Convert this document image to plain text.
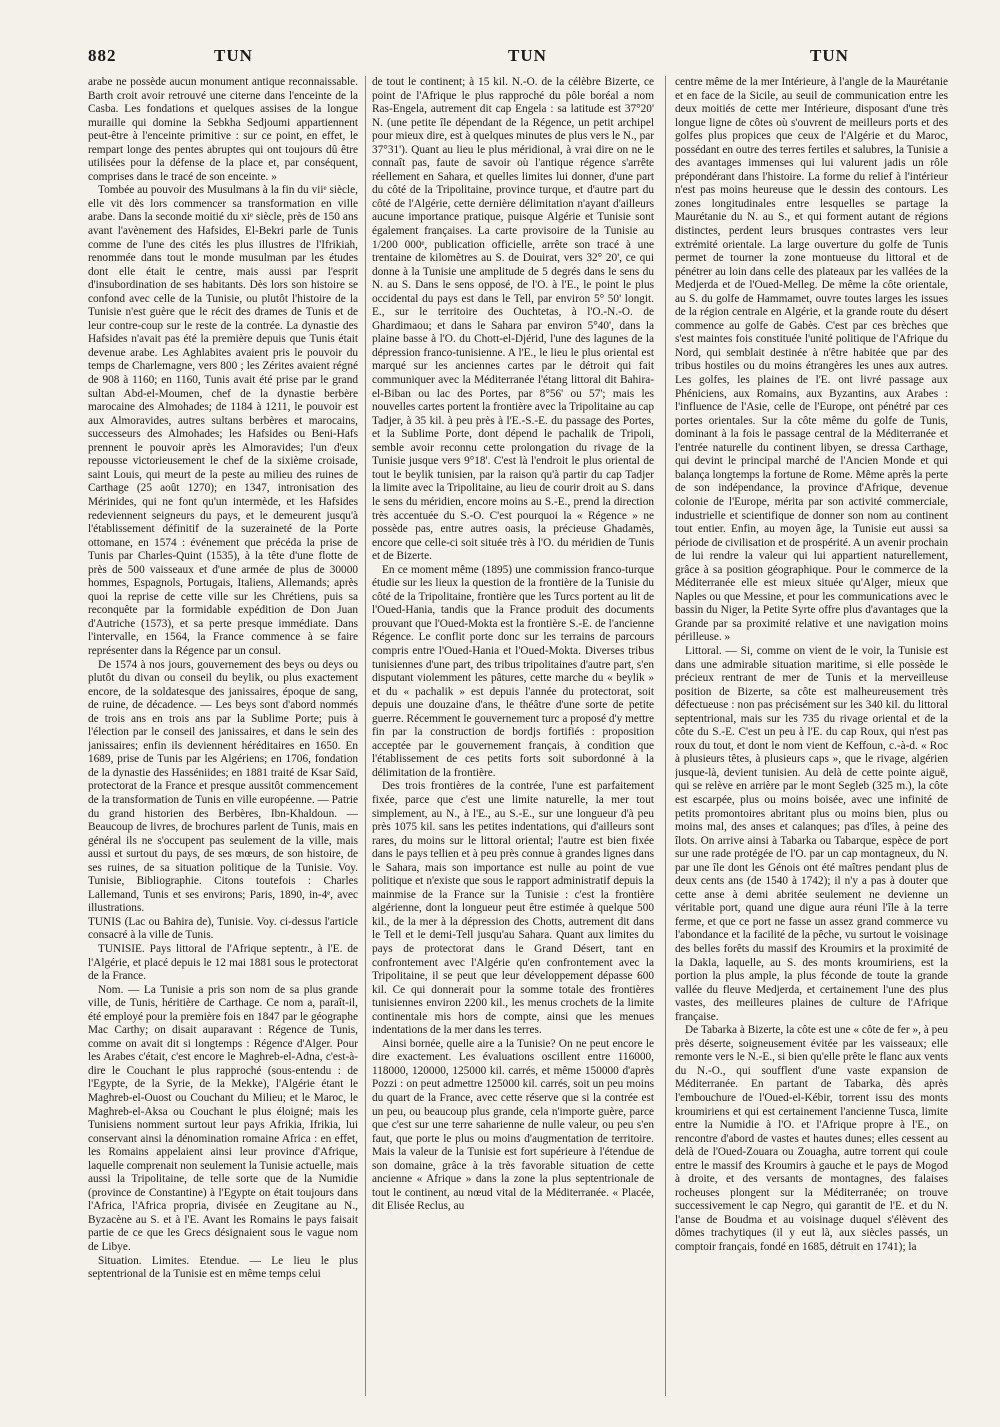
882	TUN	TUN	TUN

arabe ne possède aucun monument antique reconnaissable. Barth croit avoir retrouvé une citerne dans l'enceinte de la Casba. Les fondations et quelques assises de la longue muraille qui domine la Sebkha Sedjoumi appartiennent peut-être à l'enceinte primitive : sur ce point, en effet, le rempart longe des pentes abruptes qui ont toujours dû être utilisées pour la défense de la place et, par conséquent, comprises dans le tracé de son enceinte. »

Tombée au pouvoir des Musulmans à la fin du viiᵉ siècle, elle vit dès lors commencer sa transformation en ville arabe. Dans la seconde moitié du xiᵉ siècle, près de 150 ans avant l'avènement des Hafsides, El-Bekri parle de Tunis comme de l'une des cités les plus illustres de l'Ifrikiah, renommée dans tout le monde musulman par les études dont elle était le centre, mais aussi par l'esprit d'insubordination de ses habitants. Dès lors son histoire se confond avec celle de la Tunisie, ou plutôt l'histoire de la Tunisie n'est guère que le récit des drames de Tunis et de leur contre-coup sur le reste de la contrée. La dynastie des Hafsides n'avait pas été la première depuis que Tunis était devenue arabe. Les Aghlabites avaient pris le pouvoir du temps de Charlemagne, vers 800 ; les Zérites avaient régné de 908 à 1160; en 1160, Tunis avait été prise par le grand sultan Abd-el-Moumen, chef de la dynastie berbère marocaine des Almohades; de 1184 à 1211, le pouvoir est aux Almoravides, autres sultans berbères et marocains, successeurs des Almohades; les Hafsides ou Beni-Hafs prennent le pouvoir après les Almoravides; l'un d'eux repousse victorieusement le chef de la sixième croisade, saint Louis, qui meurt de la peste au milieu des ruines de Carthage (25 août 1270); en 1347, intronisation des Mérinides, qui ne font qu'un intermède, et les Hafsides redeviennent seigneurs du pays, et le demeurent jusqu'à l'établissement définitif de la suzeraineté de la Porte ottomane, en 1574 : événement que précéda la prise de Tunis par Charles-Quint (1535), à la tête d'une flotte de près de 500 vaisseaux et d'une armée de plus de 30000 hommes, Espagnols, Portugais, Italiens, Allemands; après quoi la reprise de cette ville sur les Chrétiens, puis sa reconquête par la formidable expédition de Don Juan d'Autriche (1573), et sa perte presque immédiate. Dans l'intervalle, en 1564, la France commence à se faire représenter dans la Régence par un consul.

De 1574 à nos jours, gouvernement des beys ou deys ou plutôt du divan ou conseil du beylik, ou plus exactement encore, de la soldatesque des janissaires, époque de sang, de ruine, de décadence. — Les beys sont d'abord nommés de trois ans en trois ans par la Sublime Porte; puis à l'élection par le conseil des janissaires, et dans le sein des janissaires; enfin ils deviennent héréditaires en 1650. En 1689, prise de Tunis par les Algériens; en 1706, fondation de la dynastie des Hasséniides; en 1881 traité de Ksar Saïd, protectorat de la France et presque aussitôt commencement de la transformation de Tunis en ville européenne. — Patrie du grand historien des Berbères, Ibn-Khaldoun. — Beaucoup de livres, de brochures parlent de Tunis, mais en général ils ne s'occupent pas seulement de la ville, mais aussi et surtout du pays, de ses mœurs, de son histoire, de ses ruines, de sa situation politique de la Tunisie. Voy. Tunisie, Bibliographie. Citons toutefois : Charles Lallemand, Tunis et ses environs; Paris, 1890, in-4ᵉ, avec illustrations.

TUNIS (Lac ou Bahira de), Tunisie. Voy. ci-dessus l'article consacré à la ville de Tunis.

TUNISIE. Pays littoral de l'Afrique septentr., à l'E. de l'Algérie, et placé depuis le 12 mai 1881 sous le protectorat de la France.

Nom. — La Tunisie a pris son nom de sa plus grande ville, de Tunis, héritière de Carthage. Ce nom a, paraît-il, été employé pour la première fois en 1847 par le géographe Mac Carthy; on disait auparavant : Régence de Tunis, comme on avait dit si longtemps : Régence d'Alger. Pour les Arabes c'était, c'est encore le Maghreb-el-Adna, c'est-à-dire le Couchant le plus rapproché (sous-entendu : de l'Egypte, de la Syrie, de la Mekke), l'Algérie étant le Maghreb-el-Ouost ou Couchant du Milieu; et le Maroc, le Maghreb-el-Aksa ou Couchant le plus éloigné; mais les Tunisiens nomment surtout leur pays Afrikia, Ifrikia, lui conservant ainsi la dénomination romaine Africa : en effet, les Romains appelaient ainsi leur province d'Afrique, laquelle comprenait non seulement la Tunisie actuelle, mais aussi la Tripolitaine, de telle sorte que de la Numidie (province de Constantine) à l'Egypte on était toujours dans l'Africa, l'Africa propria, divisée en Zeugitane au N., Byzacène au S. et à l'E. Avant les Romains le pays faisait partie de ce que les Grecs désignaient sous le vague nom de Libye.

Situation. Limites. Etendue. — Le lieu le plus septentrional de la Tunisie est en même temps celui

de tout le continent; à 15 kil. N.-O. de la célèbre Bizerte, ce point de l'Afrique le plus rapproché du pôle boréal a nom Ras-Engela, autrement dit cap Engela : sa latitude est 37°20' N. (une petite île dépendant de la Régence, un petit archipel pour mieux dire, est à quelques minutes de plus vers le N., par 37°31'). Quant au lieu le plus méridional, à vrai dire on ne le connaît pas, faute de savoir où l'antique régence s'arrête réellement en Sahara, et quelles limites lui donner, d'une part du côté de la Tripolitaine, province turque, et d'autre part du côté de l'Algérie, cette dernière délimitation n'ayant d'ailleurs aucune importance pratique, puisque Algérie et Tunisie sont également françaises. La carte provisoire de la Tunisie au 1/200 000ᵉ, publication officielle, arrête son tracé à une trentaine de kilomètres au S. de Douirat, vers 32° 20', ce qui donne à la Tunisie une amplitude de 5 degrés dans le sens du N. au S. Dans le sens opposé, de l'O. à l'E., le point le plus occidental du pays est dans le Tell, par environ 5° 50' longit. E., sur le territoire des Ouchtetas, à l'O.-N.-O. de Ghardimaou; et dans le Sahara par environ 5°40', dans la plaine basse à l'O. du Chott-el-Djérid, l'une des lagunes de la dépression franco-tunisienne. A l'E., le lieu le plus oriental est marqué sur les anciennes cartes par le détroit qui fait communiquer avec la Méditerranée l'étang littoral dit Bahira-el-Biban ou lac des Portes, par 8°56' ou 57'; mais les nouvelles cartes portent la frontière avec la Tripolitaine au cap Tadjer, à 35 kil. à peu près à l'E.-S.-E. du passage des Portes, et la Sublime Porte, dont dépend le pachalik de Tripoli, semble avoir reconnu cette prolongation du rivage de la Tunisie jusque vers 9°18'. C'est là l'endroit le plus oriental de tout le beylik tunisien, par la raison qu'à partir du cap Tadjer la limite avec la Tripolitaine, au lieu de courir droit au S. dans le sens du méridien, encore moins au S.-E., prend la direction très accentuée du S.-O. C'est pourquoi la « Régence » ne possède pas, entre autres oasis, la précieuse Ghadamès, encore que celle-ci soit située très à l'O. du méridien de Tunis et de Bizerte.

En ce moment même (1895) une commission franco-turque étudie sur les lieux la question de la frontière de la Tunisie du côté de la Tripolitaine, frontière que les Turcs portent au lit de l'Oued-Hania, tandis que la France produit des documents prouvant que l'Oued-Mokta est la frontière S.-E. de l'ancienne Régence. Le conflit porte donc sur les terrains de parcours compris entre l'Oued-Hania et l'Oued-Mokta. Diverses tribus tunisiennes d'une part, des tribus tripolitaines d'autre part, s'en disputant violemment les pâtures, cette marche du « beylik » et du « pachalik » est depuis l'année du protectorat, soit depuis une douzaine d'ans, le théâtre d'une sorte de petite guerre. Récemment le gouvernement turc a proposé d'y mettre fin par la construction de bordjs fortifiés : proposition acceptée par le gouvernement français, à condition que l'établissement de ces petits forts soit subordonné à la délimitation de la frontière.

Des trois frontières de la contrée, l'une est parfaitement fixée, parce que c'est une limite naturelle, la mer tout simplement, au N., à l'E., au S.-E., sur une longueur d'à peu près 1075 kil. sans les petites indentations, qui d'ailleurs sont rares, du moins sur le littoral oriental; l'autre est bien fixée dans le pays tellien et à peu près connue à grandes lignes dans le Sahara, mais son importance est nulle au point de vue politique et n'existe que sous le rapport administratif depuis la mainmise de la France sur la Tunisie : c'est la frontière algérienne, dont la longueur peut être estimée à quelque 500 kil., de la mer à la dépression des Chotts, autrement dit dans le Tell et le demi-Tell jusqu'au Sahara. Quant aux limites du pays de protectorat dans le Grand Désert, tant en confrontement avec l'Algérie qu'en confrontement avec la Tripolitaine, il se peut que leur développement dépasse 600 kil. Ce qui donnerait pour la somme totale des frontières tunisiennes environ 2200 kil., les menus crochets de la limite continentale mis hors de compte, ainsi que les menues indentations de la mer dans les terres.

Ainsi bornée, quelle aire a la Tunisie? On ne peut encore le dire exactement. Les évaluations oscillent entre 116000, 118000, 120000, 125000 kil. carrés, et même 150000 d'après Pozzi : on peut admettre 125000 kil. carrés, soit un peu moins du quart de la France, avec cette réserve que si la contrée est un peu, ou beaucoup plus grande, cela n'importe guère, parce que c'est sur une terre saharienne de nulle valeur, ou peu s'en faut, que porte le plus ou moins d'augmentation de territoire. Mais la valeur de la Tunisie est fort supérieure à l'étendue de son domaine, grâce à la très favorable situation de cette ancienne « Afrique » dans la zone la plus septentrionale de tout le continent, au nœud vital de la Méditerranée. « Placée, dit Elisée Reclus, au

centre même de la mer Intérieure, à l'angle de la Maurétanie et en face de la Sicile, au seuil de communication entre les deux moitiés de cette mer Intérieure, disposant d'une très longue ligne de côtes où s'ouvrent de meilleurs ports et des golfes plus propices que ceux de l'Algérie et du Maroc, possédant en outre des terres fertiles et salubres, la Tunisie a des avantages immenses qui lui valurent jadis un rôle prépondérant dans l'histoire. La forme du relief à l'intérieur n'est pas moins heureuse que le dessin des contours. Les zones longitudinales entre lesquelles se partage la Maurétanie du N. au S., et qui forment autant de régions distinctes, perdent leurs brusques contrastes vers leur extrémité orientale. La large ouverture du golfe de Tunis permet de tourner la zone montueuse du littoral et de pénétrer au loin dans celle des plateaux par les vallées de la Medjerda et de l'Oued-Melleg. De même la côte orientale, au S. du golfe de Hammamet, ouvre toutes larges les issues de la région centrale en Algérie, et la grande route du désert commence au golfe de Gabès. C'est par ces brèches que s'est maintes fois constituée l'unité politique de l'Afrique du Nord, qui semblait destinée à n'être habitée que par des tribus hostiles ou du moins étrangères les unes aux autres. Les golfes, les plaines de l'E. ont livré passage aux Phéniciens, aux Romains, aux Byzantins, aux Arabes : l'influence de l'Asie, celle de l'Europe, ont pénétré par ces portes orientales. Sur la côte même du golfe de Tunis, dominant à la fois le passage central de la Méditerranée et l'entrée naturelle du continent libyen, se dressa Carthage, qui devint le principal marché de l'Ancien Monde et qui balança longtemps la fortune de Rome. Même après la perte de son indépendance, la province d'Afrique, devenue colonie de l'Europe, mérita par son activité commerciale, industrielle et scientifique de donner son nom au continent tout entier. Enfin, au moyen âge, la Tunisie eut aussi sa période de civilisation et de prospérité. A un avenir prochain de lui rendre la valeur qui lui appartient naturellement, grâce à sa position géographique. Pour le commerce de la Méditerranée elle est mieux située qu'Alger, mieux que Naples ou que Messine, et pour les communications avec le bassin du Niger, la Petite Syrte offre plus d'avantages que la Grande par sa proximité relative et une navigation moins périlleuse. »

Littoral. — Si, comme on vient de le voir, la Tunisie est dans une admirable situation maritime, si elle possède le précieux rentrant de mer de Tunis et la merveilleuse position de Bizerte, sa côte est malheureusement très défectueuse : non pas précisément sur les 340 kil. du littoral septentrional, mais sur les 735 du rivage oriental et de la côte du S.-E. C'est un peu à l'E. du cap Roux, qui n'est pas roux du tout, et dont le nom vient de Keffoun, c.-à-d. « Roc à plusieurs têtes, à plusieurs caps », que le rivage, algérien jusque-là, devient tunisien. Au delà de cette pointe aiguë, qui se relève en arrière par le mont Segleb (325 m.), la côte est escarpée, plus ou moins boisée, avec une infinité de petits promontoires abritant plus ou moins bien, plus ou moins mal, des anses et calanques; pas d'îles, à peine des îlots. On arrive ainsi à Tabarka ou Tabarque, espèce de port sur une rade protégée de l'O. par un cap montagneux, du N. par une île dont les Génois ont été maîtres pendant plus de deux cents ans (de 1540 à 1742); il n'y a pas à douter que cette anse à demi abritée seulement ne devienne un véritable port, quand une digue aura réuni l'île à la terre ferme, et que ce port ne fasse un assez grand commerce vu l'abondance et la facilité de la pêche, vu surtout le voisinage des belles forêts du massif des Kroumirs et la proximité de la Dakla, laquelle, au S. des monts kroumiriens, est la portion la plus ample, la plus féconde de toute la grande vallée du fleuve Medjerda, et certainement l'une des plus vastes, des meilleures plaines de culture de l'Afrique française.

De Tabarka à Bizerte, la côte est une « côte de fer », à peu près déserte, soigneusement évitée par les vaisseaux; elle remonte vers le N.-E., si bien qu'elle prête le flanc aux vents du N.-O., qui soufflent d'une vaste expansion de Méditerranée. En partant de Tabarka, dès après l'embouchure de l'Oued-el-Kébir, torrent issu des monts kroumiriens et qui est certainement l'ancienne Tusca, limite entre la Numidie à l'O. et l'Afrique propre à l'E., on rencontre d'abord de vastes et hautes dunes; elles cessent au delà de l'Oued-Zouara ou Zouagha, autre torrent qui coule entre le massif des Kroumirs à gauche et le pays de Mogod à droite, et des versants de montagnes, des falaises rocheuses plongent sur la Méditerranée; on trouve successivement le cap Negro, qui garantit de l'E. et du N. l'anse de Boudma et au voisinage duquel s'élèvent des dômes trachytiques (il y eut là, aux siècles passés, un comptoir français, fondé en 1685, détruit en 1741); la
